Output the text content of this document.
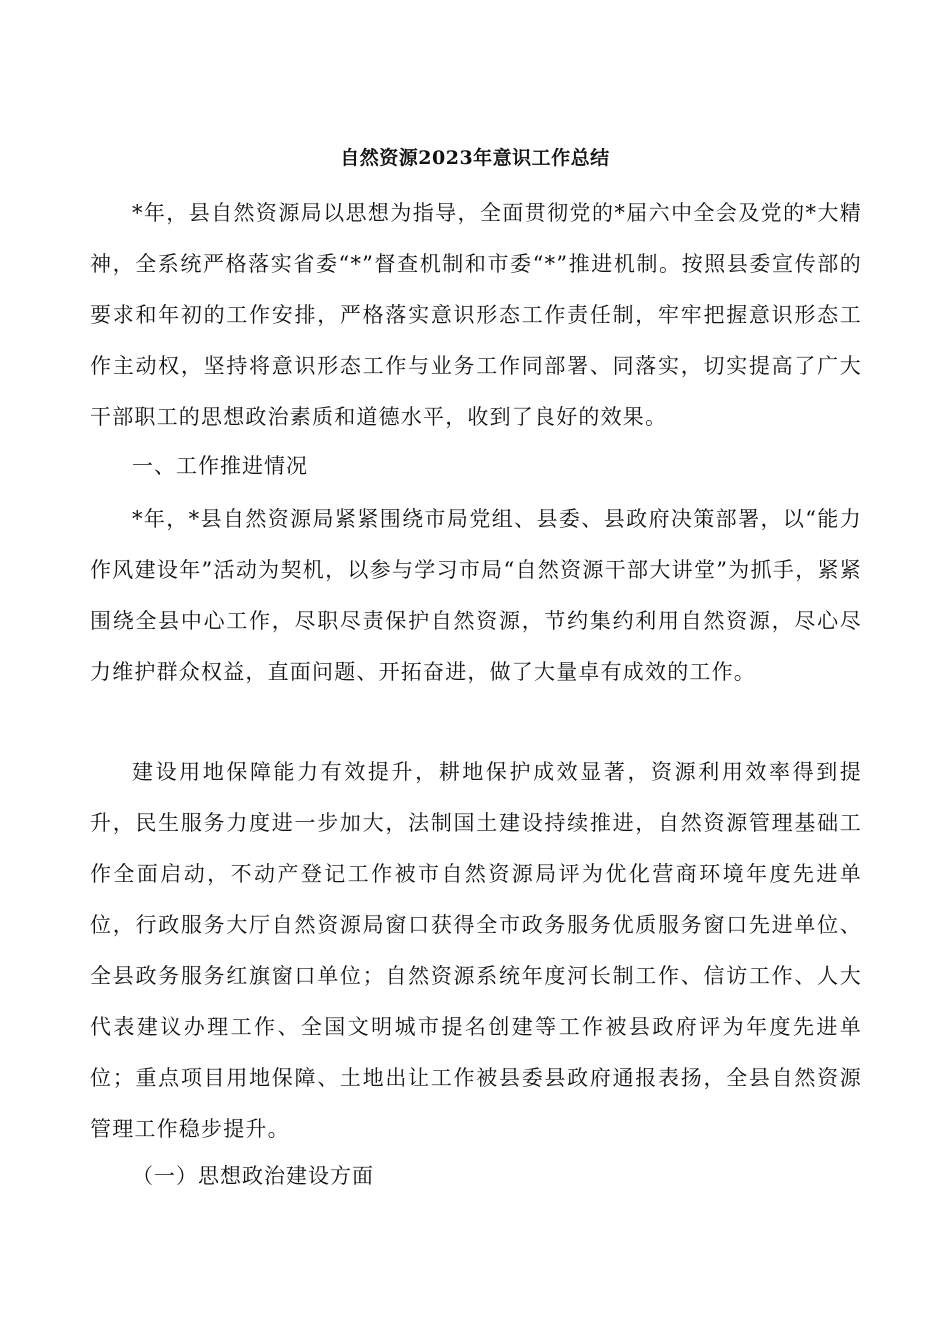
自然资源2023年意识工作总结
*年，县自然资源局以思想为指导，全面贯彻党的*届六中全会及党的*大精神，全系统严格落实省委“*”督查机制和市委“*”推进机制。按照县委宣传部的要求和年初的工作安排，严格落实意识形态工作责任制，牢牢把握意识形态工作主动权，坚持将意识形态工作与业务工作同部署、同落实，切实提高了广大干部职工的思想政治素质和道德水平，收到了良好的效果。
一、工作推进情况
*年，*县自然资源局紧紧围绕市局党组、县委、县政府决策部署，以“能力作风建设年”活动为契机，以参与学习市局“自然资源干部大讲堂”为抓手，紧紧围绕全县中心工作，尽职尽责保护自然资源，节约集约利用自然资源，尽心尽力维护群众权益，直面问题、开拓奋进，做了大量卓有成效的工作。
建设用地保障能力有效提升，耕地保护成效显著，资源利用效率得到提升，民生服务力度进一步加大，法制国土建设持续推进，自然资源管理基础工作全面启动，不动产登记工作被市自然资源局评为优化营商环境年度先进单位，行政服务大厅自然资源局窗口获得全市政务服务优质服务窗口先进单位、全县政务服务红旗窗口单位；自然资源系统年度河长制工作、信访工作、人大代表建议办理工作、全国文明城市提名创建等工作被县政府评为年度先进单位；重点项目用地保障、土地出让工作被县委县政府通报表扬，全县自然资源管理工作稳步提升。
（一）思想政治建设方面
